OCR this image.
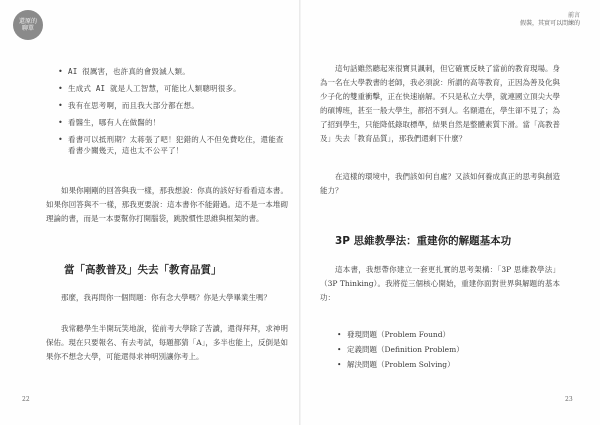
還原的
聊單
前言
假裝，其實可以問練的
• AI 很厲害，也許真的會毀滅人類。
• 生成式 AI 就是人工智慧，可能比人類聰明很多。
• 我有在思考啊，而且我大部分都在想。
• 看醫生，哪有人在做醫的！
• 看書可以抵刑期？太蒋張了吧！犯錯的人不但免費吃住，還能查看書少關幾天，這也太不公平了！

如果你剛剛的回答與我一樣，那我想說：你真的該好好看看這本書。如果你回答與不一樣，那我更要說：這本書你不能錯過。這不是一本堆砌理論的書，而是一本要幫你打開腦袋，跳脫慣性思維與框架的書。

當「高教普及」失去「教育品質」

那麼，我再問你一個問題：你有念大學嗎？你是大學畢業生嗎？

我常聽學生半開玩笑地說，從前考大學除了苦讀，還得拜拜，求神明保佑。現在只要報名、有去考試，每題都猜「A」，多半也能上，反倒是如果你不想念大學，可能還得求神明別讓你考上。

22

這句話雖然聽起來很寶貝諷刺，但它確實反映了當前的教育現場。身為一名在大學教書的老師，我必須說：所謂的高等教育，正因為善及化與少子化的雙重衝擊，正在快速崩解。不只是私立大學，就連國立頂尖大學的碩博班，甚至一般大學生，都招不到人。名額還在，學生卻不見了；為了招到學生，只能降低錄取標準，結果自然是整體素質下滑。當「高教普及」失去「教育品質」，那我們還剩下什麼？

在這樣的環境中，我們該如何自處？又該如何養成真正的思考與創造能力？

3P 思維教學法：重建你的解題基本功

這本書，我想帶你建立一套更扎實的思考架構：「3P 思維教學法」（3P Thinking）。我將從三個核心開始，重建你面對世界與解題的基本功：

• 發現問題（Problem Found）
• 定義問題（Definition Problem）
• 解決問題（Problem Solving）
23
